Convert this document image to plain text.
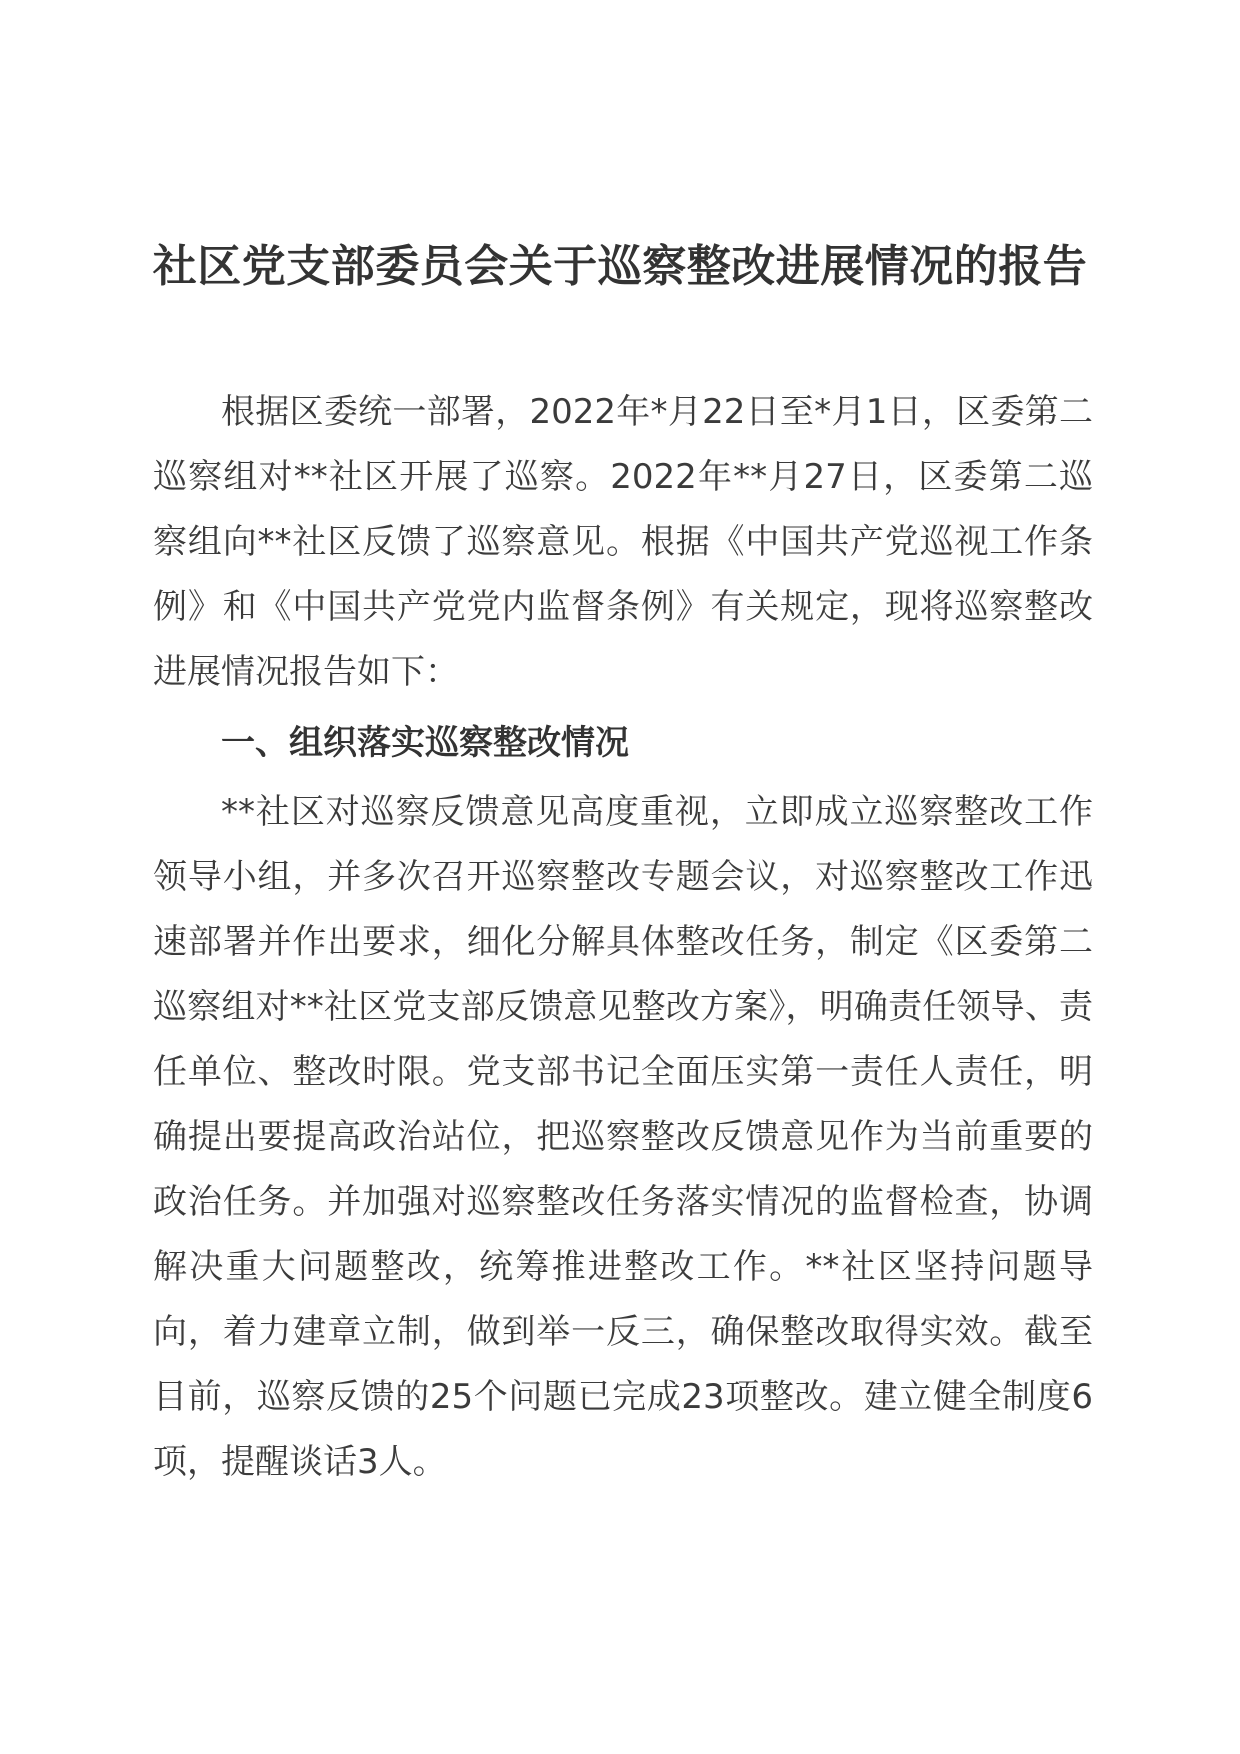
社区党支部委员会关于巡察整改进展情况的报告

根据区委统一部署，2022年*月22日至*月1日，区委第二巡察组对**社区开展了巡察。2022年**月27日，区委第二巡察组向**社区反馈了巡察意见。根据《中国共产党巡视工作条例》和《中国共产党党内监督条例》有关规定，现将巡察整改进展情况报告如下：

一、组织落实巡察整改情况

**社区对巡察反馈意见高度重视，立即成立巡察整改工作领导小组，并多次召开巡察整改专题会议，对巡察整改工作迅速部署并作出要求，细化分解具体整改任务，制定《区委第二巡察组对**社区党支部反馈意见整改方案》，明确责任领导、责任单位、整改时限。党支部书记全面压实第一责任人责任，明确提出要提高政治站位，把巡察整改反馈意见作为当前重要的政治任务。并加强对巡察整改任务落实情况的监督检查，协调解决重大问题整改，统筹推进整改工作。**社区坚持问题导向，着力建章立制，做到举一反三，确保整改取得实效。截至目前，巡察反馈的25个问题已完成23项整改。建立健全制度6项，提醒谈话3人。
